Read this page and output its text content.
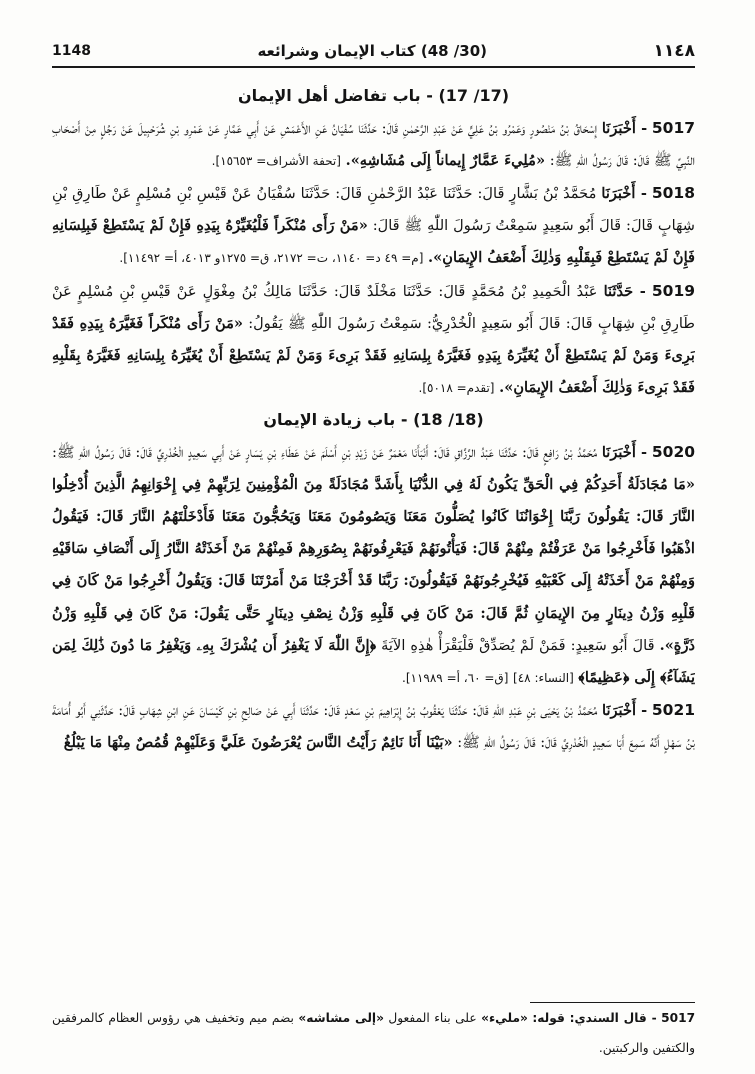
1148	(30/ 48) كتاب الإيمان وشرائعه	١١٤٨

(17/ 17) - باب تفاضل أهل الإيمان

5017 - أَخْبَرَنَا إِسْحَاقُ بْنُ مَنْصُورٍ وَعَمْرُو بْنُ عَلِيٍّ عَنْ عَبْدِ الرَّحْمٰنِ قَالَ: حَدَّثَنَا سُفْيَانُ عَنِ الأَعْمَشِ عَنْ أَبِي عَمَّارٍ عَنْ عَمْرِو بْنِ شُرَحْبِيلَ عَنْ رَجُلٍ مِنْ أَصْحَابِ النَّبِيِّ ﷺ قَالَ: قَالَ رَسُولُ اللّٰهِ ﷺ: «مُلِيءَ عَمَّارٌ إِيماناً إِلَى مُشَاشِهِ». [تحفة الأشراف= ١٥٦٥٣].

5018 - أَخْبَرَنَا مُحَمَّدُ بْنُ بَشَّارٍ قَالَ: حَدَّثَنَا عَبْدُ الرَّحْمٰنِ قَالَ: حَدَّثَنَا سُفْيَانُ عَنْ قَيْسِ بْنِ مُسْلِمٍ عَنْ طَارِقِ بْنِ شِهَابٍ قَالَ: قَالَ أَبُو سَعِيدٍ سَمِعْتُ رَسُولَ اللّٰهِ ﷺ قَالَ: «مَنْ رَأَى مُنْكَراً فَلْيُغَيِّرْهُ بِيَدِهِ فَإِنْ لَمْ يَسْتَطِعْ فَبِلِسَانِهِ فَإِنْ لَمْ يَسْتَطِعْ فَبِقَلْبِهِ وَذٰلِكَ أَضْعَفُ الإِيمَانِ». [م= ٤٩ د= ١١٤٠، ت= ٢١٧٢، ق= ١٢٧٥و ٤٠١٣، أ= ١١٤٩٢].

5019 - حَدَّثَنَا عَبْدُ الْحَمِيدِ بْنُ مُحَمَّدٍ قَالَ: حَدَّثَنَا مَخْلَدٌ قَالَ: حَدَّثَنَا مَالِكُ بْنُ مِغْوَلٍ عَنْ قَيْسِ بْنِ مُسْلِمٍ عَنْ طَارِقِ بْنِ شِهَابٍ قَالَ: قَالَ أَبُو سَعِيدٍ الْخُدْرِيُّ: سَمِعْتُ رَسُولَ اللّٰهِ ﷺ يَقُولُ: «مَنْ رَأَى مُنْكَراً فَغَيَّرَهُ بِيَدِهِ فَقَدْ بَرِىءَ وَمَنْ لَمْ يَسْتَطِعْ أَنْ يُغَيِّرَهُ بِيَدِهِ فَغَيَّرَهُ بِلِسَانِهِ فَقَدْ بَرِىءَ وَمَنْ لَمْ يَسْتَطِعْ أَنْ يُغَيِّرَهُ بِلِسَانِهِ فَغَيَّرَهُ بِقَلْبِهِ فَقَدْ بَرِىءَ وَذٰلِكَ أَضْعَفُ الإِيمَانِ». [تقدم= ٥٠١٨].

(18/ 18) - باب زيادة الإيمان

5020 - أَخْبَرَنَا مُحَمَّدُ بْنُ رَافِعٍ قَالَ: حَدَّثَنَا عَبْدُ الرَّزَّاقِ قَالَ: أَنْبَأَنَا مَعْمَرٌ عَنْ زَيْدِ بْنِ أَسْلَمَ عَنْ عَطَاءِ بْنِ يَسَارٍ عَنْ أَبِي سَعِيدٍ الْخُدْرِيِّ قَالَ: قَالَ رَسُولُ اللّٰهِ ﷺ: «مَا مُجَادَلَةُ أَحَدِكُمْ فِي الْحَقِّ يَكُونُ لَهُ فِي الدُّنْيَا بِأَشَدَّ مُجَادَلَةً مِنَ الْمُؤْمِنِينَ لِرَبِّهِمْ فِي إِخْوَانِهِمُ الَّذِينَ أُدْخِلُوا النَّارَ قَالَ: يَقُولُونَ رَبَّنَا إِخْوَانُنَا كَانُوا يُصَلُّونَ مَعَنَا وَيَصُومُونَ مَعَنَا وَيَحُجُّونَ مَعَنَا فَأَدْخَلْتَهُمُ النَّارَ قَالَ: فَيَقُولُ اذْهَبُوا فَأَخْرِجُوا مَنْ عَرَفْتُمْ مِنْهُمْ قَالَ: فَيَأْتُونَهُمْ فَيَعْرِفُونَهُمْ بِصُوَرِهِمْ فَمِنْهُمْ مَنْ أَخَذَتْهُ النَّارُ إِلَى أَنْصَافِ سَاقَيْهِ وَمِنْهُمْ مَنْ أَخَذَتْهُ إِلَى كَعْبَيْهِ فَيُخْرِجُونَهُمْ فَيَقُولُونَ: رَبَّنَا قَدْ أَخْرَجْنَا مَنْ أَمَرْتَنَا قَالَ: وَيَقُولُ أَخْرِجُوا مَنْ كَانَ فِي قَلْبِهِ وَزْنُ دِينَارٍ مِنَ الإِيمَانِ ثُمَّ قَالَ: مَنْ كَانَ فِي قَلْبِهِ وَزْنُ نِصْفِ دِينَارٍ حَتَّى يَقُولَ: مَنْ كَانَ فِي قَلْبِهِ وَزْنُ ذَرَّةٍ». قَالَ أَبُو سَعِيدٍ: فَمَنْ لَمْ يُصَدِّقْ فَلْيَقْرَأْ هٰذِهِ الآيَةَ ﴿إِنَّ اللّٰهَ لَا يَغْفِرُ أَن يُشْرَكَ بِهِۦ وَيَغْفِرُ مَا دُونَ ذَٰلِكَ لِمَن يَشَآءُ﴾ إِلَى ﴿عَظِيمًا﴾ [النساء: ٤٨] [ق= ٦٠، أ= ١١٩٨٩].

5021 - أَخْبَرَنَا مُحَمَّدُ بْنُ يَحْيَى بْنِ عَبْدِ اللّٰهِ قَالَ: حَدَّثَنَا يَعْقُوبُ بْنُ إِبْرَاهِيمَ بْنِ سَعْدٍ قَالَ: حَدَّثَنَا أَبِي عَنْ صَالِحِ بْنِ كَيْسَانَ عَنِ ابْنِ شِهَابٍ قَالَ: حَدَّثَنِي أَبُو أُمَامَةَ بْنُ سَهْلٍ أَنَّهُ سَمِعَ أَبَا سَعِيدٍ الْخُدْرِيَّ قَالَ: قَالَ رَسُولُ اللّٰهِ ﷺ: «بَيْنَا أَنَا نَائِمٌ رَأَيْتُ النَّاسَ يُعْرَضُونَ عَلَيَّ وَعَلَيْهِمْ قُمُصٌ مِنْهَا مَا يَبْلُغُ

5017 - قال السندي: قوله: «مليء» على بناء المفعول «إلى مشاشه» بضم ميم وتخفيف هي رؤوس العظام كالمرفقين والكتفين والركبتين.
